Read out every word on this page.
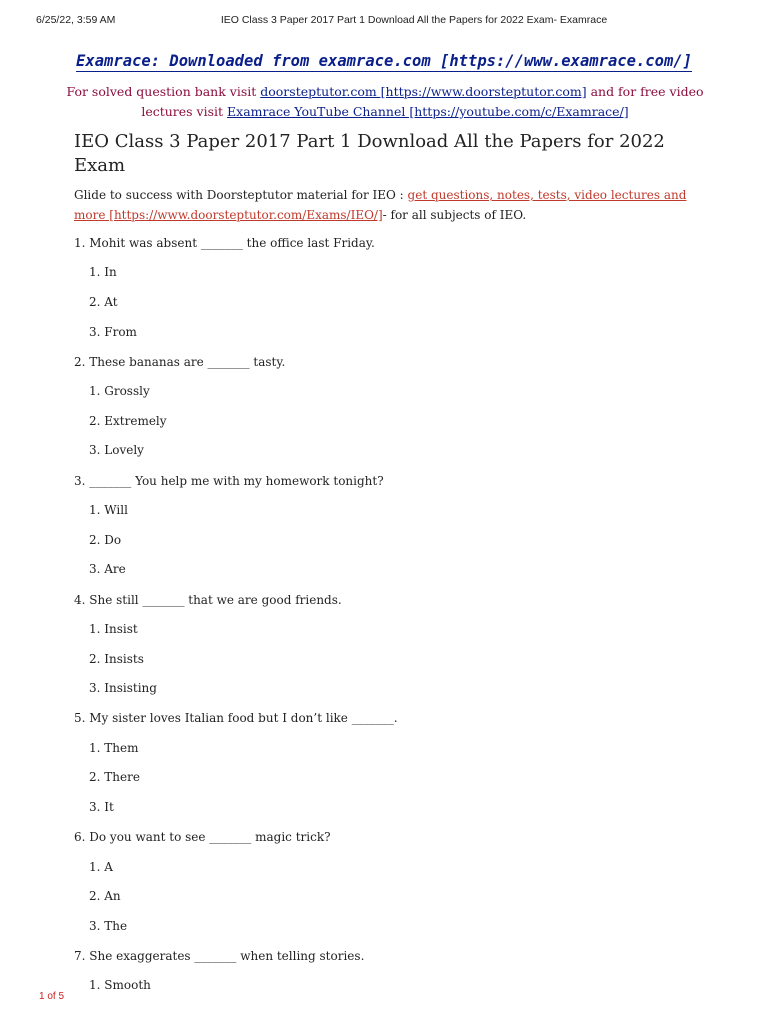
6/25/22, 3:59 AM	IEO Class 3 Paper 2017 Part 1 Download All the Papers for 2022 Exam- Examrace
Examrace: Downloaded from examrace.com [https://www.examrace.com/]
For solved question bank visit doorsteptutor.com [https://www.doorsteptutor.com] and for free video lectures visit Examrace YouTube Channel [https://youtube.com/c/Examrace/]
IEO Class 3 Paper 2017 Part 1 Download All the Papers for 2022 Exam
Glide to success with Doorsteptutor material for IEO : get questions, notes, tests, video lectures and more [https://www.doorsteptutor.com/Exams/IEO/]- for all subjects of IEO.
1. Mohit was absent _______ the office last Friday.
1. In
2. At
3. From
2. These bananas are _______ tasty.
1. Grossly
2. Extremely
3. Lovely
3. _______ You help me with my homework tonight?
1. Will
2. Do
3. Are
4. She still _______ that we are good friends.
1. Insist
2. Insists
3. Insisting
5. My sister loves Italian food but I don’t like _______.
1. Them
2. There
3. It
6. Do you want to see _______ magic trick?
1. A
2. An
3. The
7. She exaggerates _______ when telling stories.
1. Smooth
1 of 5
